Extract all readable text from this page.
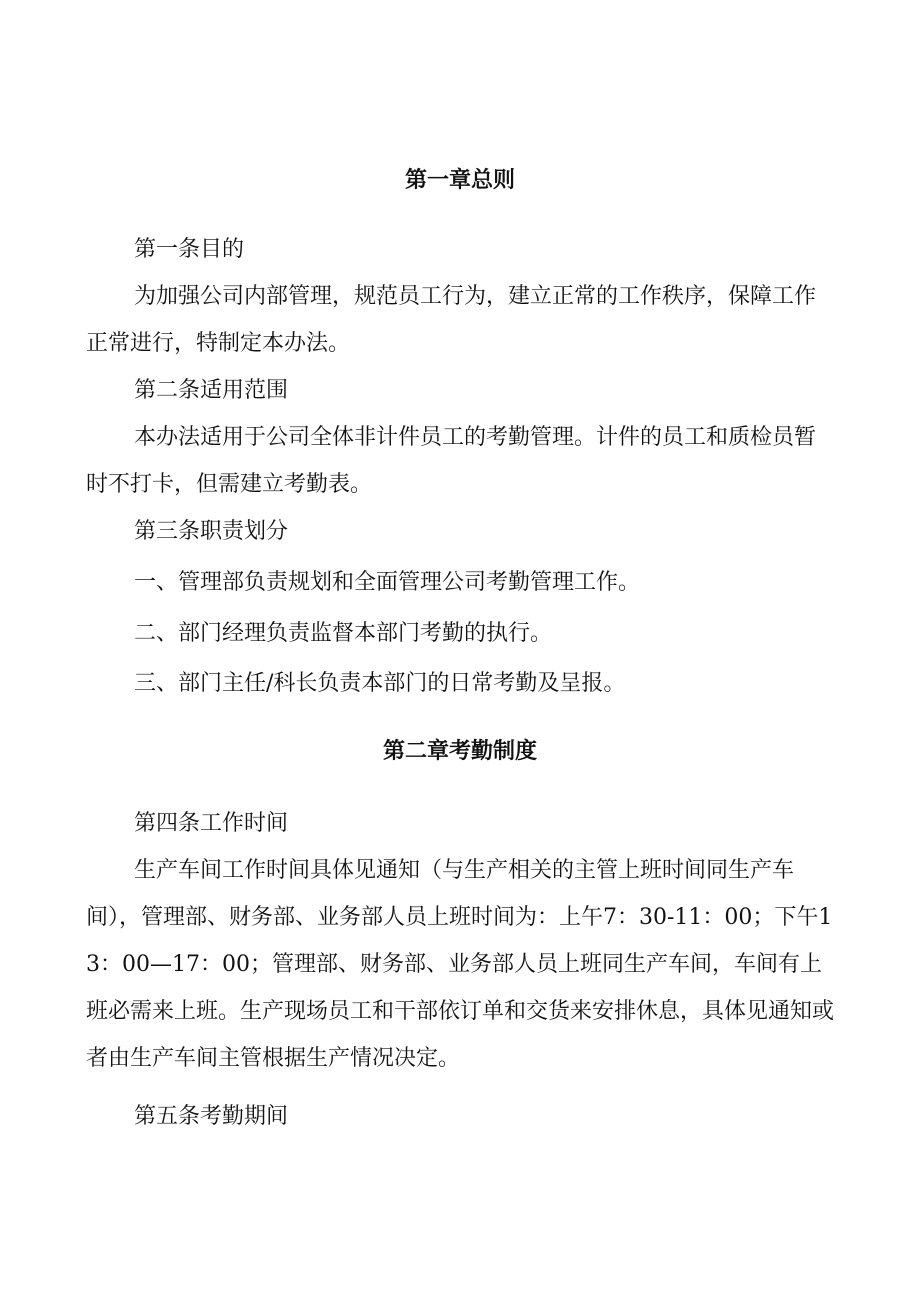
第一章总则

第一条目的

为加强公司内部管理，规范员工行为，建立正常的工作秩序，保障工作正常进行，特制定本办法。

第二条适用范围

本办法适用于公司全体非计件员工的考勤管理。计件的员工和质检员暂时不打卡，但需建立考勤表。

第三条职责划分

一、管理部负责规划和全面管理公司考勤管理工作。

二、部门经理负责监督本部门考勤的执行。

三、部门主任/科长负责本部门的日常考勤及呈报。

第二章考勤制度

第四条工作时间

生产车间工作时间具体见通知（与生产相关的主管上班时间同生产车间），管理部、财务部、业务部人员上班时间为：上午7：30-11：00；下午13：00—17：00；管理部、财务部、业务部人员上班同生产车间，车间有上班必需来上班。生产现场员工和干部依订单和交货来安排休息，具体见通知或者由生产车间主管根据生产情况决定。

第五条考勤期间
